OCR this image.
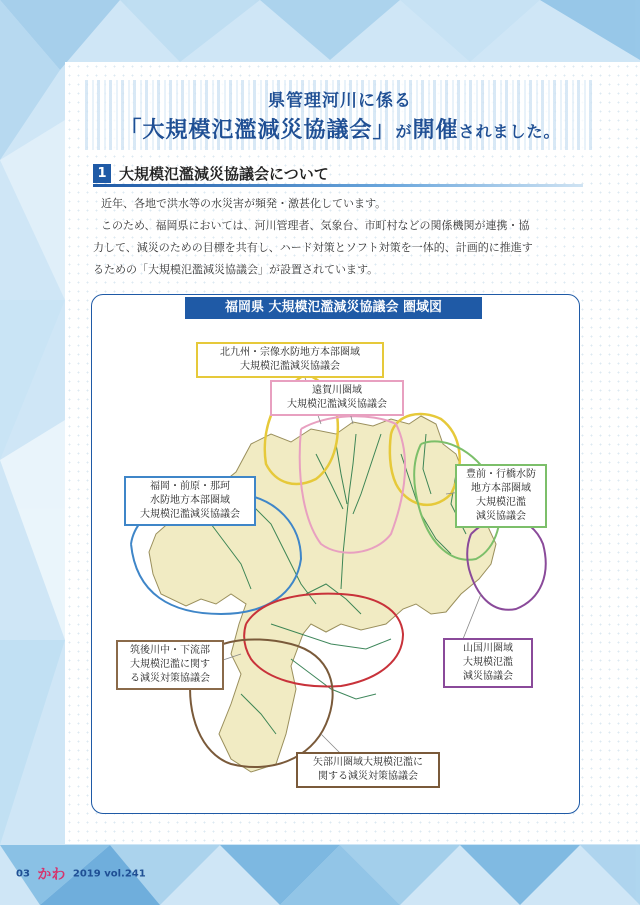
県管理河川に係る
「大規模氾濫減災協議会」が開催されました。
1 大規模氾濫減災協議会について
近年、各地で洪水等の水災害が頻発・激甚化しています。
このため、福岡県においては、河川管理者、気象台、市町村などの関係機関が連携・協
力して、減災のための目標を共有し、ハード対策とソフト対策を一体的、計画的に推進す
るための「大規模氾濫減災協議会」が設置されています。
福岡県 大規模氾濫減災協議会 圏域図
北九州・宗像水防地方本部圏域
大規模氾濫減災協議会
遠賀川圏域
大規模氾濫減災協議会
福岡・前原・那珂
水防地方本部圏域
大規模氾濫減災協議会
豊前・行橋水防
地方本部圏域
大規模氾濫
減災協議会
筑後川中・下流部
大規模氾濫に関す
る減災対策協議会
山国川圏域
大規模氾濫
減災協議会
矢部川圏域大規模氾濫に
関する減災対策協議会
03 かわ 2019 vol.241
